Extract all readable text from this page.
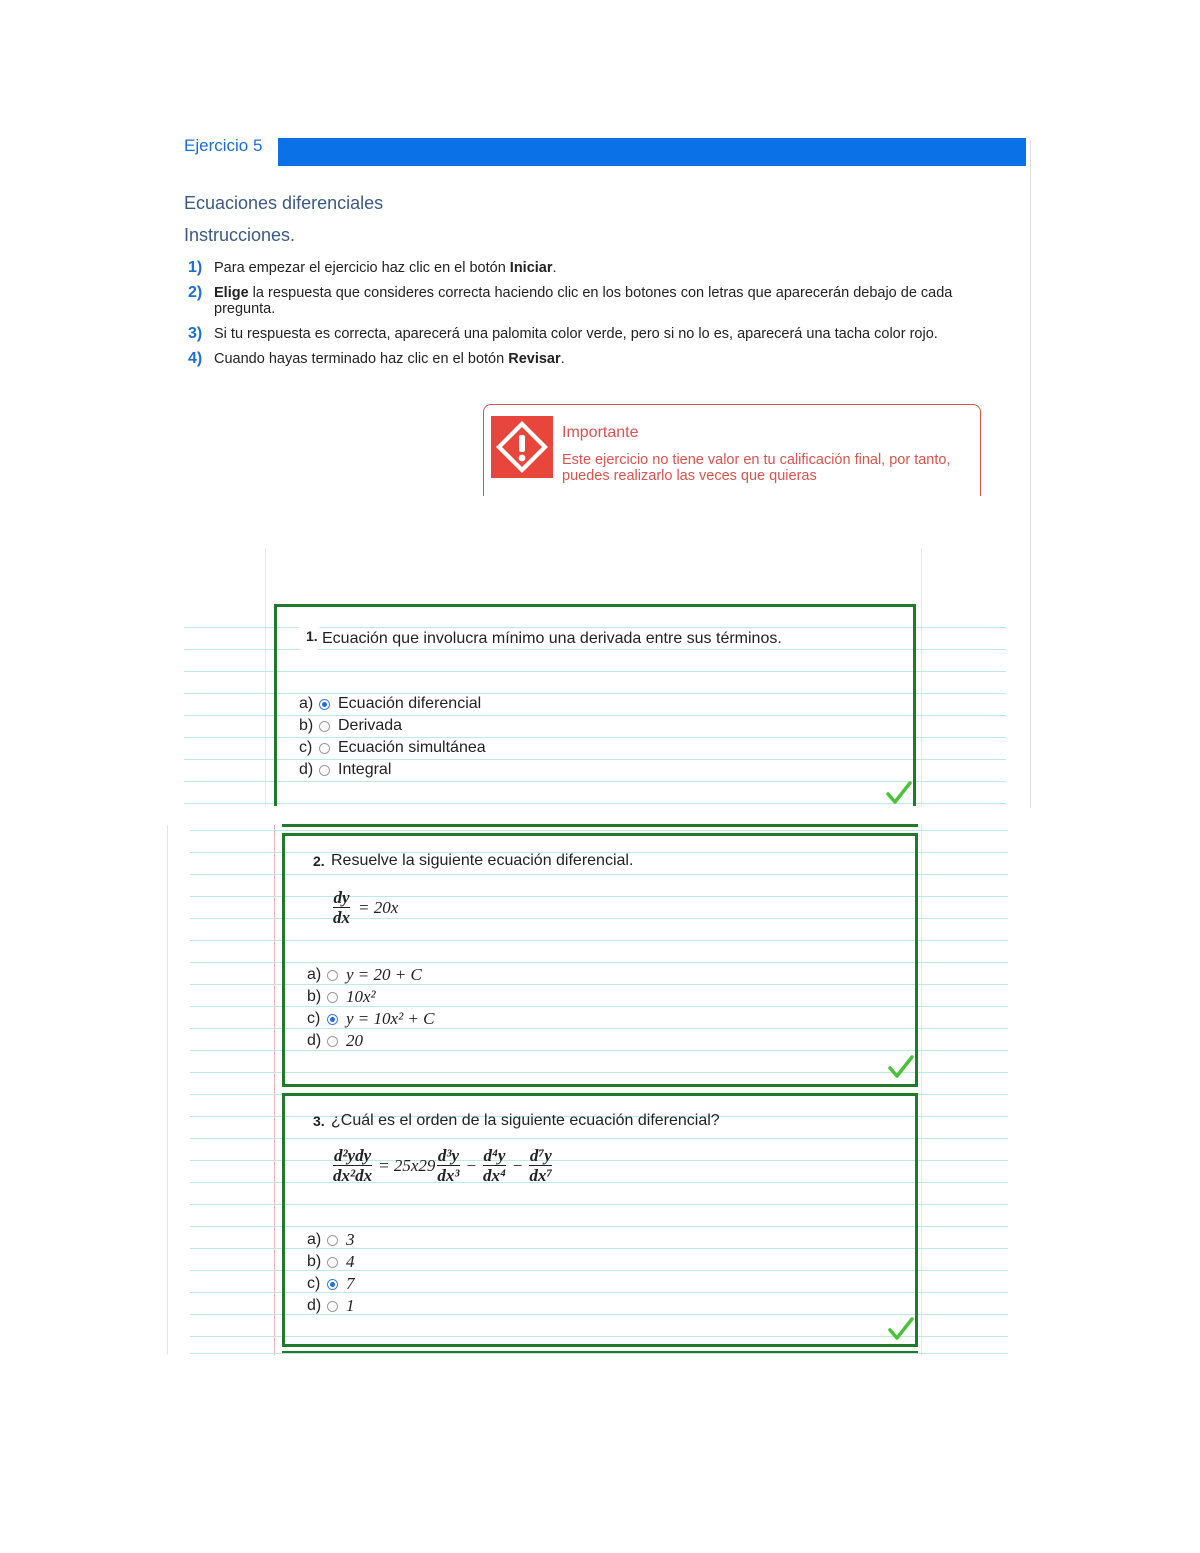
Ejercicio 5
Ecuaciones diferenciales
Instrucciones.
1) Para empezar el ejercicio haz clic en el botón Iniciar.
2) Elige la respuesta que consideres correcta haciendo clic en los botones con letras que aparecerán debajo de cada pregunta.
3) Si tu respuesta es correcta, aparecerá una palomita color verde, pero si no lo es, aparecerá una tacha color rojo.
4) Cuando hayas terminado haz clic en el botón Revisar.
Importante
Este ejercicio no tiene valor en tu calificación final, por tanto, puedes realizarlo las veces que quieras
1. Ecuación que involucra mínimo una derivada entre sus términos.
a) Ecuación diferencial
b) Derivada
c) Ecuación simultánea
d) Integral
2. Resuelve la siguiente ecuación diferencial.
$\frac{dy}{dx} = 20x$
a) y = 20 + C
b) 10x²
c) y = 10x² + C
d) 20
3. ¿Cuál es el orden de la siguiente ecuación diferencial?
$\frac{\text{d²ydy}}{\text{dx²dx}} = 25x29 \frac{\text{d³y}}{\text{dx³}} - \frac{\text{d⁴y}}{\text{dx⁴}} - \frac{\text{d⁷y}}{\text{dx⁷}}$
a) 3
b) 4
c) 7
d) 1
